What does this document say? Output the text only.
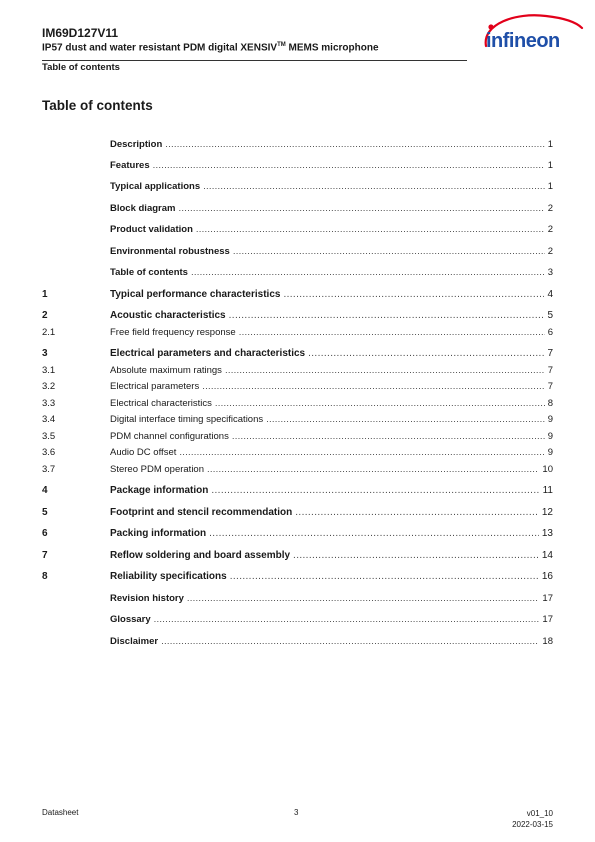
IM69D127V11
IP57 dust and water resistant PDM digital XENSIV™ MEMS microphone
Table of contents
infineon
Table of contents
Description . . .	1
Features . . .	1
Typical applications . . .	1
Block diagram . . .	2
Product validation . . .	2
Environmental robustness . . .	2
Table of contents . . .	3
1	Typical performance characteristics . . .	4
2	Acoustic characteristics . . .	5
2.1	Free field frequency response . . .	6
3	Electrical parameters and characteristics . . .	7
3.1	Absolute maximum ratings . . .	7
3.2	Electrical parameters . . .	7
3.3	Electrical characteristics . . .	8
3.4	Digital interface timing specifications . . .	9
3.5	PDM channel configurations . . .	9
3.6	Audio DC offset . . .	9
3.7	Stereo PDM operation . . .	10
4	Package information . . .	11
5	Footprint and stencil recommendation . . .	12
6	Packing information . . .	13
7	Reflow soldering and board assembly . . .	14
8	Reliability specifications . . .	16
Revision history . . .	17
Glossary . . .	17
Disclaimer . . .	18
Datasheet	3	v01_10
2022-03-15
